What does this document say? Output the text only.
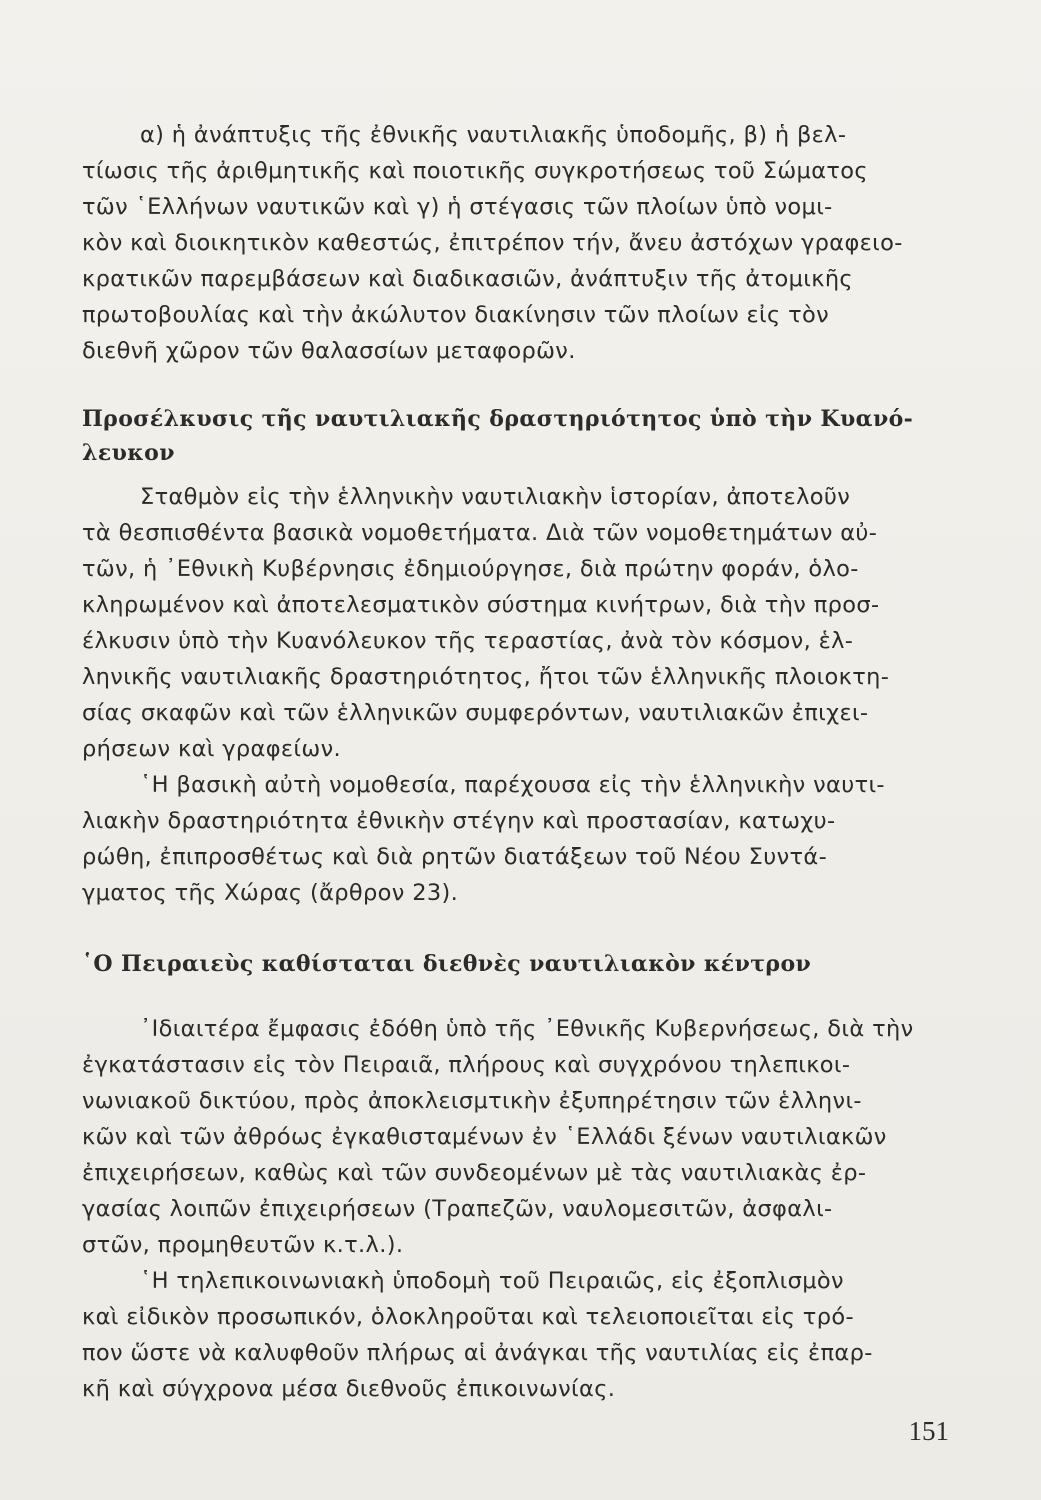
α) ἡ ἀνάπτυξις τῆς ἐθνικῆς ναυτιλιακῆς ὑποδομῆς, β) ἡ βελ-
τίωσις τῆς ἀριθμητικῆς καὶ ποιοτικῆς συγκροτήσεως τοῦ Σώματος
τῶν ῾Ελλήνων ναυτικῶν καὶ γ) ἡ στέγασις τῶν πλοίων ὑπὸ νομι-
κὸν καὶ διοικητικὸν καθεστώς, ἐπιτρέπον τήν, ἄνευ ἀστόχων γραφειο-
κρατικῶν παρεμβάσεων καὶ διαδικασιῶν, ἀνάπτυξιν τῆς ἀτομικῆς
πρωτοβουλίας καὶ τὴν ἀκώλυτον διακίνησιν τῶν πλοίων εἰς τὸν
διεθνῆ χῶρον τῶν θαλασσίων μεταφορῶν.
Προσέλκυσις τῆς ναυτιλιακῆς δραστηριότητος ὑπὸ τὴν Κυανό-
λευκον
Σταθμὸν εἰς τὴν ἑλληνικὴν ναυτιλιακὴν ἱστορίαν, ἀποτελοῦν
τὰ θεσπισθέντα βασικὰ νομοθετήματα. Διὰ τῶν νομοθετημάτων αὐ-
τῶν, ἡ ᾿Εθνικὴ Κυβέρνησις ἐδημιούργησε, διὰ πρώτην φοράν, ὁλο-
κληρωμένον καὶ ἀποτελεσματικὸν σύστημα κινήτρων, διὰ τὴν προσ-
έλκυσιν ὑπὸ τὴν Κυανόλευκον τῆς τεραστίας, ἀνὰ τὸν κόσμον, ἑλ-
ληνικῆς ναυτιλιακῆς δραστηριότητος, ἤτοι τῶν ἑλληνικῆς πλοιοκτη-
σίας σκαφῶν καὶ τῶν ἑλληνικῶν συμφερόντων, ναυτιλιακῶν ἐπιχει-
ρήσεων καὶ γραφείων.
῾Η βασικὴ αὐτὴ νομοθεσία, παρέχουσα εἰς τὴν ἑλληνικὴν ναυτι-
λιακὴν δραστηριότητα ἐθνικὴν στέγην καὶ προστασίαν, κατωχυ-
ρώθη, ἐπιπροσθέτως καὶ διὰ ρητῶν διατάξεων τοῦ Νέου Συντά-
γματος τῆς Χώρας (ἄρθρον 23).
῾Ο Πειραιεὺς καθίσταται διεθνὲς ναυτιλιακὸν κέντρον
᾿Ιδιαιτέρα ἔμφασις ἐδόθη ὑπὸ τῆς ᾿Εθνικῆς Κυβερνήσεως, διὰ τὴν
ἐγκατάστασιν εἰς τὸν Πειραιᾶ, πλήρους καὶ συγχρόνου τηλεπικοι-
νωνιακοῦ δικτύου, πρὸς ἀποκλεισμτικὴν ἐξυπηρέτησιν τῶν ἑλληνι-
κῶν καὶ τῶν ἀθρόως ἐγκαθισταμένων ἐν ῾Ελλάδι ξένων ναυτιλιακῶν
ἐπιχειρήσεων, καθὼς καὶ τῶν συνδεομένων μὲ τὰς ναυτιλιακὰς ἐρ-
γασίας λοιπῶν ἐπιχειρήσεων (Τραπεζῶν, ναυλομεσιτῶν, ἀσφαλι-
στῶν, προμηθευτῶν κ.τ.λ.).
῾Η τηλεπικοινωνιακὴ ὑποδομὴ τοῦ Πειραιῶς, εἰς ἐξοπλισμὸν
καὶ εἰδικὸν προσωπικόν, ὁλοκληροῦται καὶ τελειοποιεῖται εἰς τρό-
πον ὥστε νὰ καλυφθοῦν πλήρως αἱ ἀνάγκαι τῆς ναυτιλίας εἰς ἐπαρ-
κῆ καὶ σύγχρονα μέσα διεθνοῦς ἐπικοινωνίας.
151
